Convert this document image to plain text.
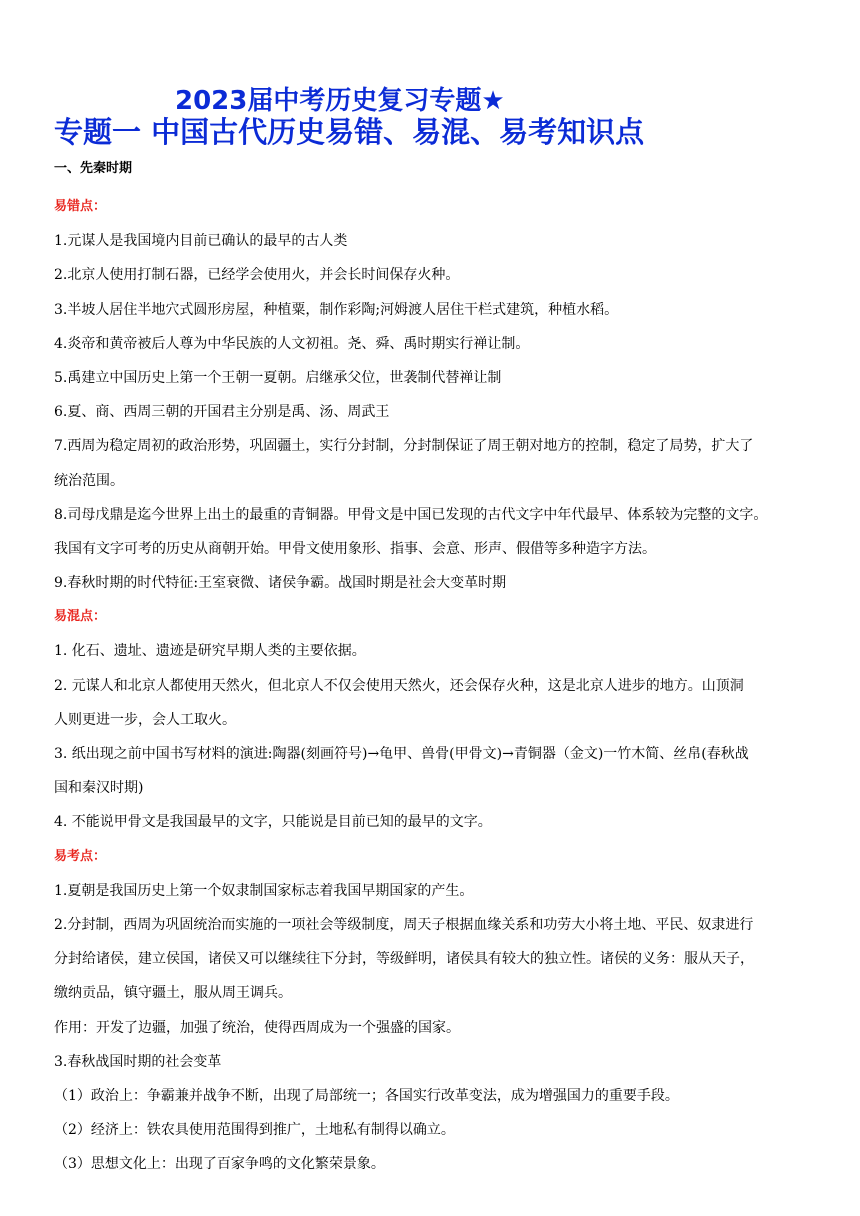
2023届中考历史复习专题★
专题一 中国古代历史易错、易混、易考知识点
一、先秦时期
易错点：
1.元谋人是我国境内目前已确认的最早的古人类
2.北京人使用打制石器，已经学会使用火，并会长时间保存火种。
3.半坡人居住半地穴式圆形房屋，种植粟，制作彩陶;河姆渡人居住干栏式建筑，种植水稻。
4.炎帝和黄帝被后人尊为中华民族的人文初祖。尧、舜、禹时期实行禅让制。
5.禹建立中国历史上第一个王朝一夏朝。启继承父位，世袭制代替禅让制
6.夏、商、西周三朝的开国君主分别是禹、汤、周武王
7.西周为稳定周初的政治形势，巩固疆土，实行分封制，分封制保证了周王朝对地方的控制，稳定了局势，扩大了
统治范围。
8.司母戊鼎是迄今世界上出土的最重的青铜器。甲骨文是中国已发现的古代文字中年代最早、体系较为完整的文字。
我国有文字可考的历史从商朝开始。甲骨文使用象形、指事、会意、形声、假借等多种造字方法。
9.春秋时期的时代特征:王室衰微、诸侯争霸。战国时期是社会大变革时期
易混点：
1. 化石、遗址、遗迹是研究早期人类的主要依据。
2. 元谋人和北京人都使用天然火，但北京人不仅会使用天然火，还会保存火种，这是北京人进步的地方。山顶洞
人则更进一步，会人工取火。
3. 纸出现之前中国书写材料的演进:陶器(刻画符号)→龟甲、兽骨(甲骨文)→青铜器（金文)一竹木简、丝帛(春秋战
国和秦汉时期)
4. 不能说甲骨文是我国最早的文字，只能说是目前已知的最早的文字。
易考点：
1.夏朝是我国历史上第一个奴隶制国家标志着我国早期国家的产生。
2.分封制，西周为巩固统治而实施的一项社会等级制度，周天子根据血缘关系和功劳大小将土地、平民、奴隶进行
分封给诸侯，建立侯国，诸侯又可以继续往下分封，等级鲜明，诸侯具有较大的独立性。诸侯的义务：服从天子，
缴纳贡品，镇守疆土，服从周王调兵。
作用：开发了边疆，加强了统治，使得西周成为一个强盛的国家。
3.春秋战国时期的社会变革
（1）政治上：争霸兼并战争不断，出现了局部统一；各国实行改革变法，成为增强国力的重要手段。
（2）经济上：铁农具使用范围得到推广，土地私有制得以确立。
（3）思想文化上：出现了百家争鸣的文化繁荣景象。
